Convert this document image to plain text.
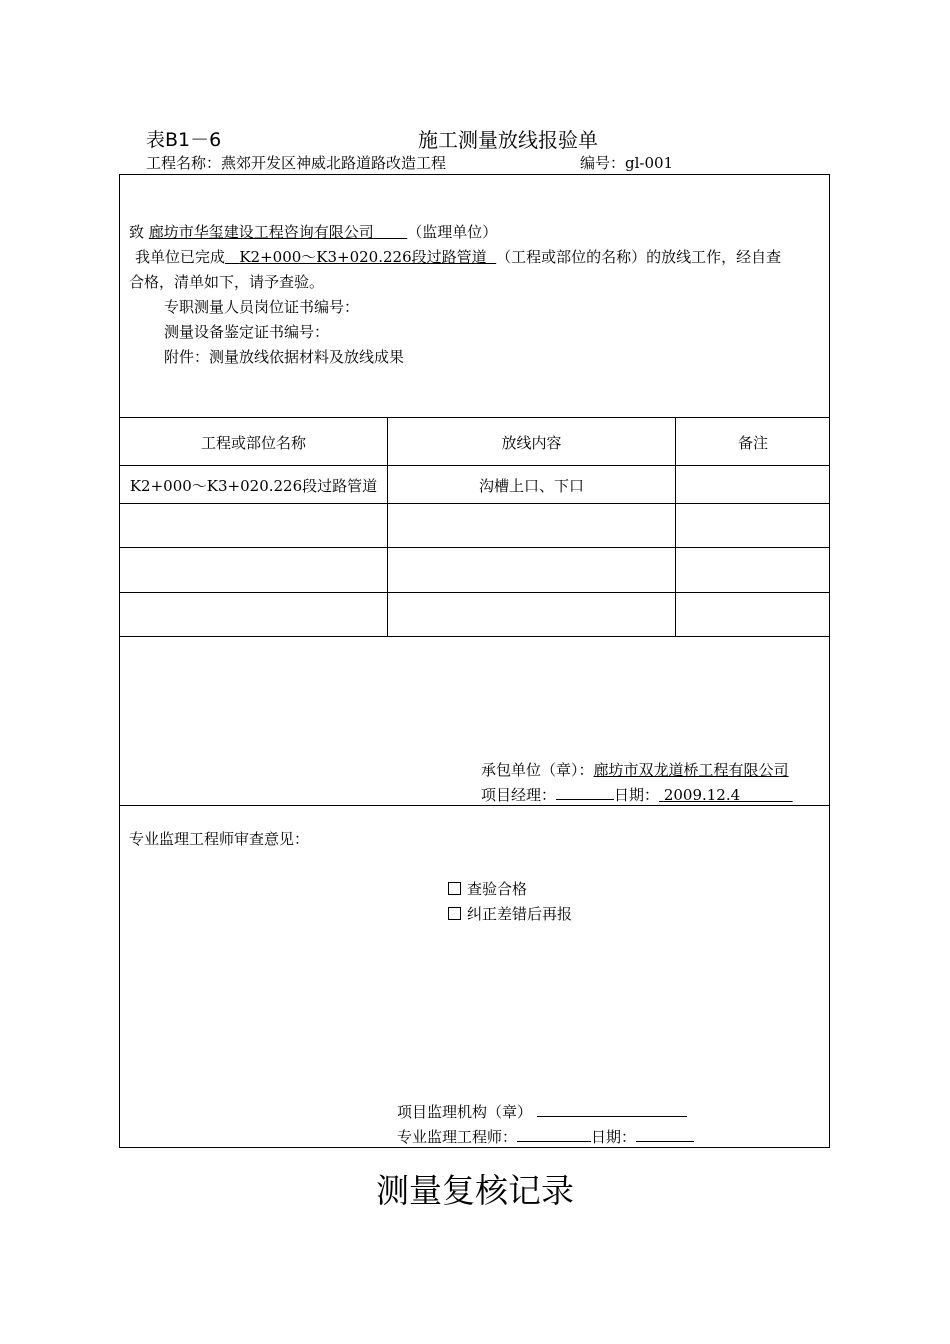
表B1－6	施工测量放线报验单
工程名称：燕郊开发区神威北路道路改造工程	编号：gl-001
致 廊坊市华玺建设工程咨询有限公司 （监理单位）
我单位已完成 K2+000～K3+020.226段过路管道 （工程或部位的名称）的放线工作，经自查
合格，清单如下，请予查验。
专职测量人员岗位证书编号：
测量设备鉴定证书编号：
附件：测量放线依据材料及放线成果
工程或部位名称	放线内容	备注
K2+000～K3+020.226段过路管道	沟槽上口、下口
承包单位（章）：廊坊市双龙道桥工程有限公司
项目经理：	日期： 2009.12.4
专业监理工程师审查意见：
查验合格
纠正差错后再报
项目监理机构（章）
专业监理工程师：	日期：
测量复核记录
